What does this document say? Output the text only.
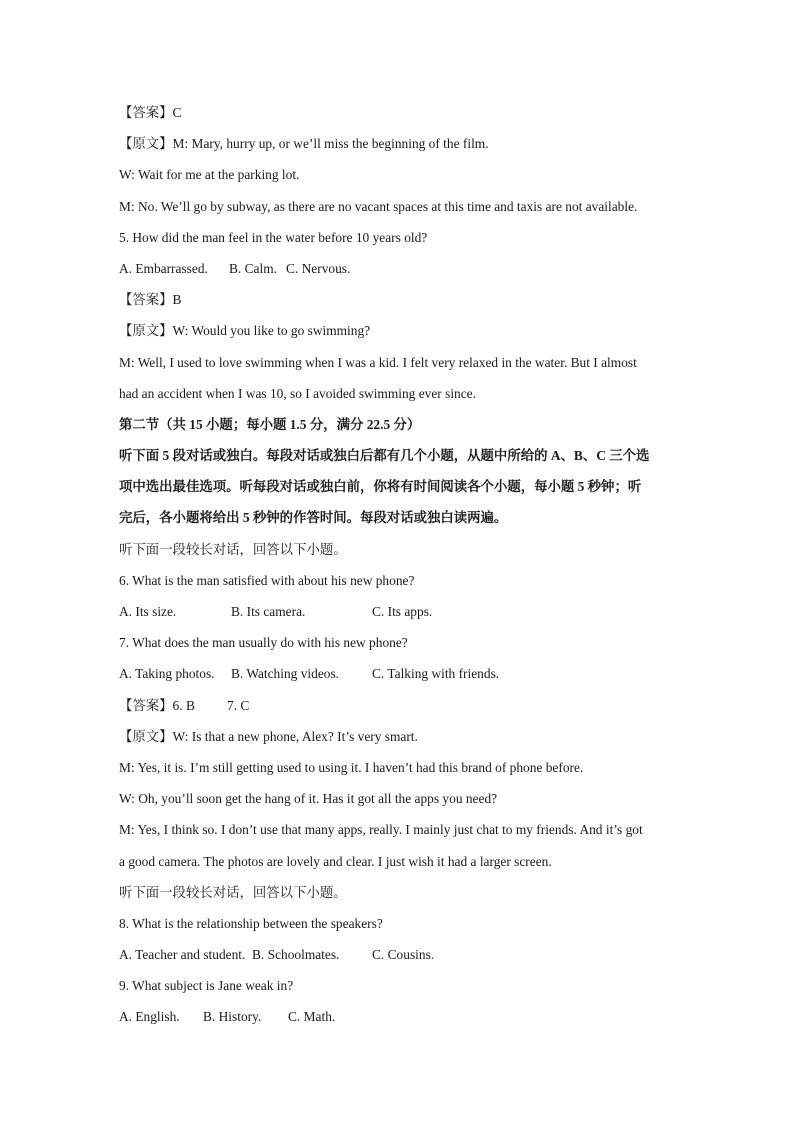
【答案】C
【原文】M: Mary, hurry up, or we’ll miss the beginning of the film.
W: Wait for me at the parking lot.
M: No. We’ll go by subway, as there are no vacant spaces at this time and taxis are not available.
5. How did the man feel in the water before 10 years old?
A. Embarrassed. B. Calm. C. Nervous.
【答案】B
【原文】W: Would you like to go swimming?
M: Well, I used to love swimming when I was a kid. I felt very relaxed in the water. But I almost
had an accident when I was 10, so I avoided swimming ever since.
第二节（共 15 小题；每小题 1.5 分，满分 22.5 分）
听下面 5 段对话或独白。每段对话或独白后都有几个小题，从题中所给的 A、B、C 三个选
项中选出最佳选项。听每段对话或独白前，你将有时间阅读各个小题，每小题 5 秒钟；听
完后，各小题将给出 5 秒钟的作答时间。每段对话或独白读两遍。
听下面一段较长对话，回答以下小题。
6. What is the man satisfied with about his new phone?
A. Its size.	B. Its camera.	C. Its apps.
7. What does the man usually do with his new phone?
A. Taking photos. B. Watching videos. C. Talking with friends.
【答案】6. B 7. C
【原文】W: Is that a new phone, Alex? It’s very smart.
M: Yes, it is. I’m still getting used to using it. I haven’t had this brand of phone before.
W: Oh, you’ll soon get the hang of it. Has it got all the apps you need?
M: Yes, I think so. I don’t use that many apps, really. I mainly just chat to my friends. And it’s got
a good camera. The photos are lovely and clear. I just wish it had a larger screen.
听下面一段较长对话，回答以下小题。
8. What is the relationship between the speakers?
A. Teacher and student. B. Schoolmates. C. Cousins.
9. What subject is Jane weak in?
A. English. B. History. C. Math.
